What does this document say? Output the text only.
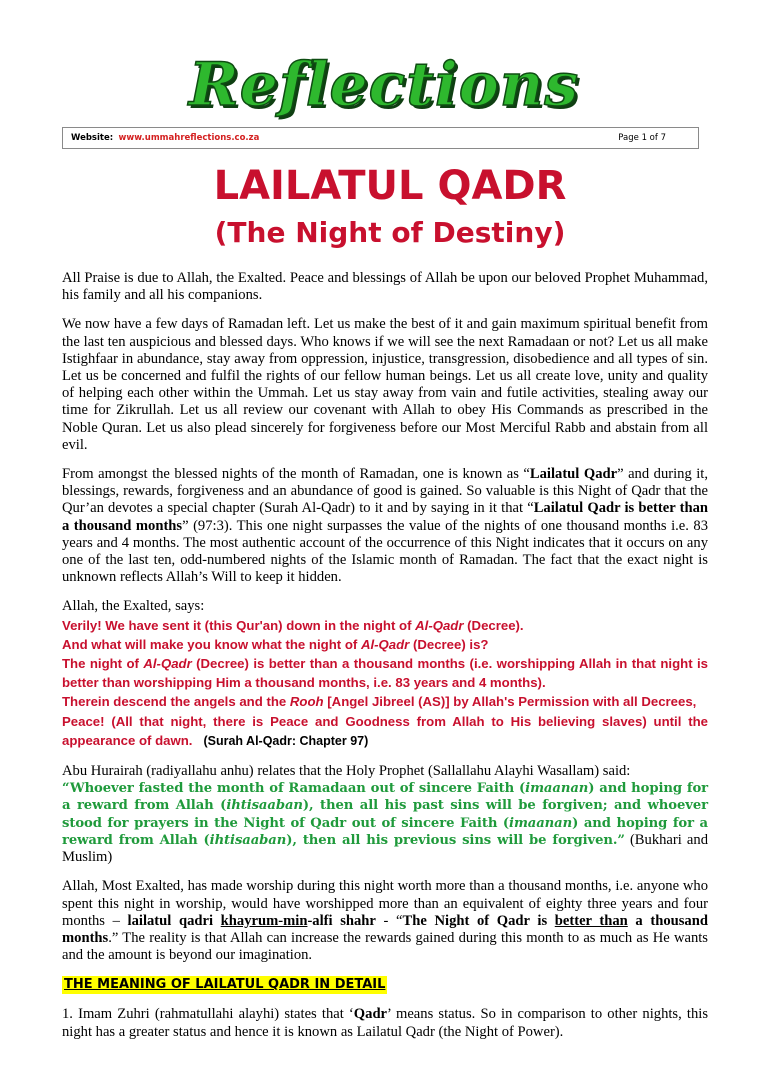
Reflections
Website: www.ummahreflections.co.za	Page 1 of 7
LAILATUL QADR
(The Night of Destiny)

All Praise is due to Allah, the Exalted. Peace and blessings of Allah be upon our beloved Prophet Muhammad, his family and all his companions.

We now have a few days of Ramadan left. Let us make the best of it and gain maximum spiritual benefit from the last ten auspicious and blessed days. Who knows if we will see the next Ramadaan or not? Let us all make Istighfaar in abundance, stay away from oppression, injustice, transgression, disobedience and all types of sin. Let us be concerned and fulfil the rights of our fellow human beings. Let us all create love, unity and quality of helping each other within the Ummah. Let us stay away from vain and futile activities, stealing away our time for Zikrullah. Let us all review our covenant with Allah to obey His Commands as prescribed in the Noble Quran. Let us also plead sincerely for forgiveness before our Most Merciful Rabb and abstain from all evil.

From amongst the blessed nights of the month of Ramadan, one is known as “Lailatul Qadr” and during it, blessings, rewards, forgiveness and an abundance of good is gained. So valuable is this Night of Qadr that the Qur’an devotes a special chapter (Surah Al-Qadr) to it and by saying in it that “Lailatul Qadr is better than a thousand months” (97:3). This one night surpasses the value of the nights of one thousand months i.e. 83 years and 4 months. The most authentic account of the occurrence of this Night indicates that it occurs on any one of the last ten, odd-numbered nights of the Islamic month of Ramadan. The fact that the exact night is unknown reflects Allah’s Will to keep it hidden.

Allah, the Exalted, says:

Verily! We have sent it (this Qur'an) down in the night of Al-Qadr (Decree).
And what will make you know what the night of Al-Qadr (Decree) is?
The night of Al-Qadr (Decree) is better than a thousand months (i.e. worshipping Allah in that night is better than worshipping Him a thousand months, i.e. 83 years and 4 months).
Therein descend the angels and the Rooh [Angel Jibreel (AS)] by Allah's Permission with all Decrees,
Peace! (All that night, there is Peace and Goodness from Allah to His believing slaves) until the appearance of dawn. (Surah Al-Qadr: Chapter 97)

Abu Hurairah (radiyallahu anhu) relates that the Holy Prophet (Sallallahu Alayhi Wasallam) said:

“Whoever fasted the month of Ramadaan out of sincere Faith (imaanan) and hoping for a reward from Allah (ihtisaaban), then all his past sins will be forgiven; and whoever stood for prayers in the Night of Qadr out of sincere Faith (imaanan) and hoping for a reward from Allah (ihtisaaban), then all his previous sins will be forgiven.” (Bukhari and Muslim)

Allah, Most Exalted, has made worship during this night worth more than a thousand months, i.e. anyone who spent this night in worship, would have worshipped more than an equivalent of eighty three years and four months – lailatul qadri khayrum-min-alfi shahr - “The Night of Qadr is better than a thousand months.” The reality is that Allah can increase the rewards gained during this month to as much as He wants and the amount is beyond our imagination.

THE MEANING OF LAILATUL QADR IN DETAIL

1. Imam Zuhri (rahmatullahi alayhi) states that ‘Qadr’ means status. So in comparison to other nights, this night has a greater status and hence it is known as Lailatul Qadr (the Night of Power).
